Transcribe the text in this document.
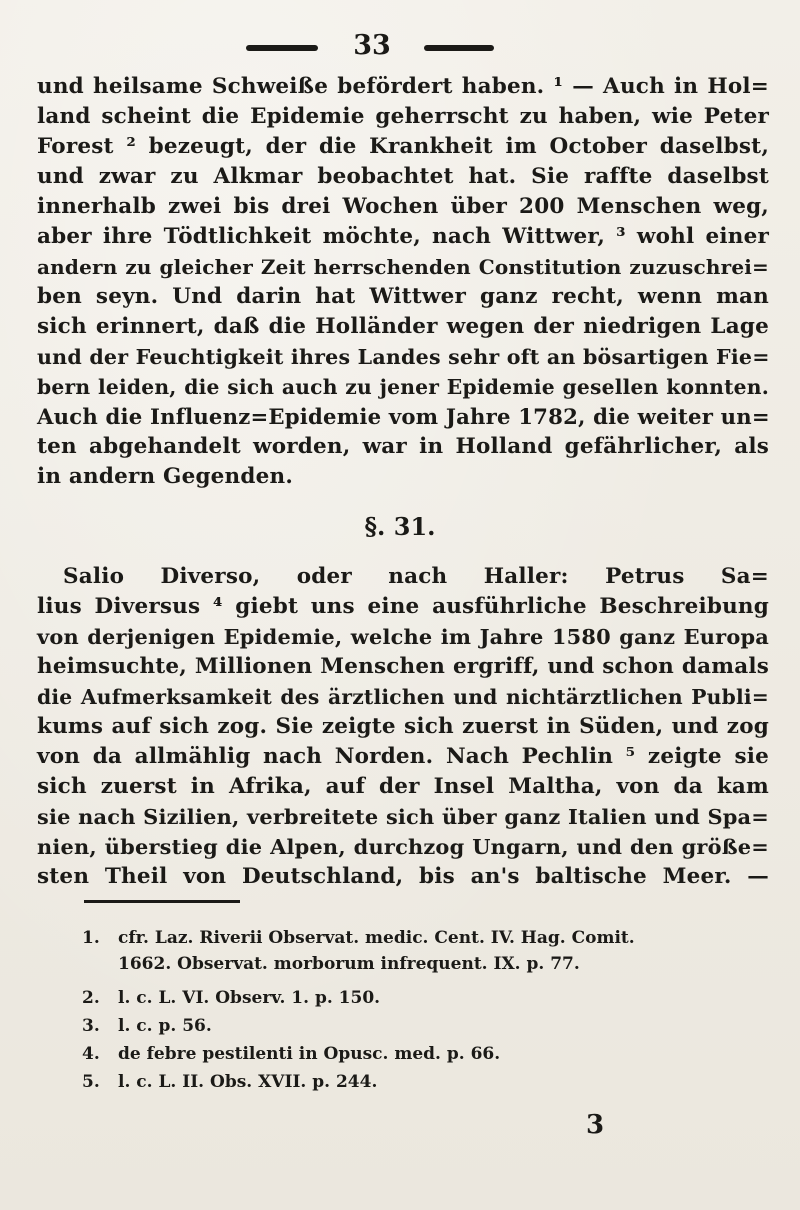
33
und heilsame Schweiße befördert haben. ¹ — Auch in Hol=
land scheint die Epidemie geherrscht zu haben, wie Peter
Forest ² bezeugt, der die Krankheit im October daselbst,
und zwar zu Alkmar beobachtet hat. Sie raffte daselbst
innerhalb zwei bis drei Wochen über 200 Menschen weg,
aber ihre Tödtlichkeit möchte, nach Wittwer, ³ wohl einer
andern zu gleicher Zeit herrschenden Constitution zuzuschrei=
ben seyn. Und darin hat Wittwer ganz recht, wenn man
sich erinnert, daß die Holländer wegen der niedrigen Lage
und der Feuchtigkeit ihres Landes sehr oft an bösartigen Fie=
bern leiden, die sich auch zu jener Epidemie gesellen konnten.
Auch die Influenz=Epidemie vom Jahre 1782, die weiter un=
ten abgehandelt worden, war in Holland gefährlicher, als
in andern Gegenden.
§. 31.
Salio Diverso, oder nach Haller: Petrus Sa=
lius Diversus ⁴ giebt uns eine ausführliche Beschreibung
von derjenigen Epidemie, welche im Jahre 1580 ganz Europa
heimsuchte, Millionen Menschen ergriff, und schon damals
die Aufmerksamkeit des ärztlichen und nichtärztlichen Publi=
kums auf sich zog. Sie zeigte sich zuerst in Süden, und zog
von da allmählig nach Norden. Nach Pechlin ⁵ zeigte sie
sich zuerst in Afrika, auf der Insel Maltha, von da kam
sie nach Sizilien, verbreitete sich über ganz Italien und Spa=
nien, überstieg die Alpen, durchzog Ungarn, und den größe=
sten Theil von Deutschland, bis an's baltische Meer. —
1. cfr. Laz. Riverii Observat. medic. Cent. IV. Hag. Comit.
1662. Observat. morborum infrequent. IX. p. 77.
2. l. c. L. VI. Observ. 1. p. 150.
3. l. c. p. 56.
4. de febre pestilenti in Opusc. med. p. 66.
5. l. c. L. II. Obs. XVII. p. 244.
3
